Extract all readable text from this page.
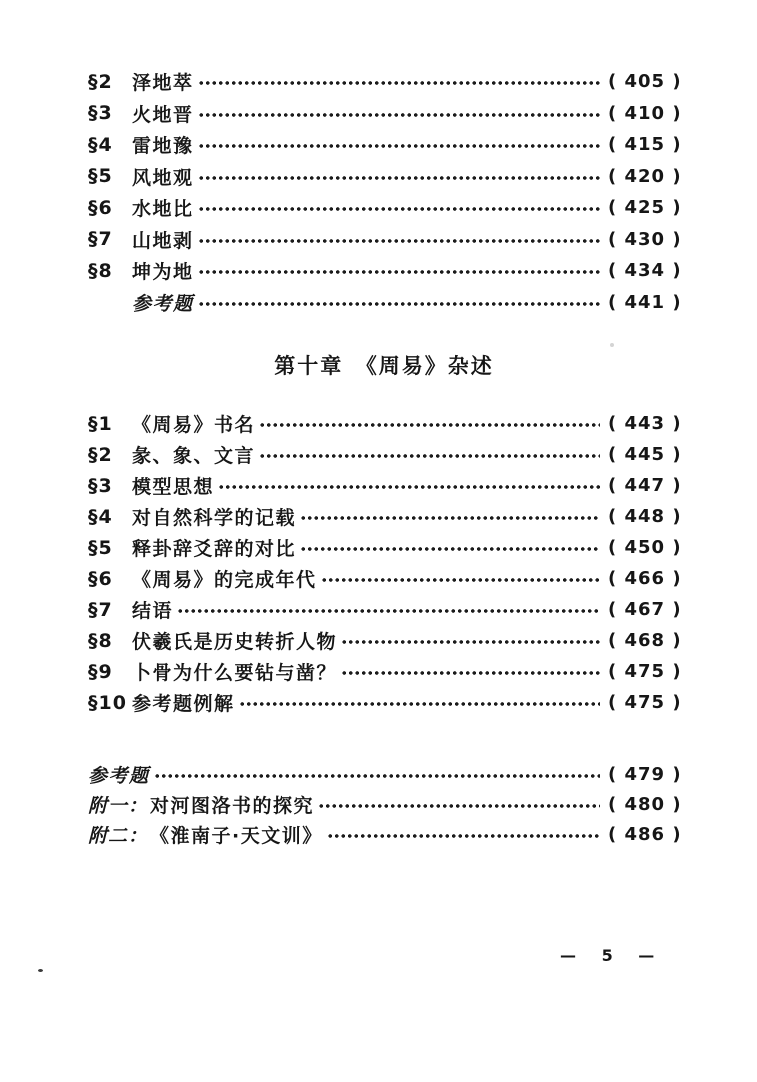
§2	泽地萃	( 405 )
§3	火地晋	( 410 )
§4	雷地豫	( 415 )
§5	风地观	( 420 )
§6	水地比	( 425 )
§7	山地剥	( 430 )
§8	坤为地	( 434 )
参考题	( 441 )
第十章　《周易》杂述
§1	《周易》书名	( 443 )
§2	彖、象、文言	( 445 )
§3	模型思想	( 447 )
§4	对自然科学的记载	( 448 )
§5	释卦辞爻辞的对比	( 450 )
§6	《周易》的完成年代	( 466 )
§7	结语	( 467 )
§8	伏羲氏是历史转折人物	( 468 )
§9	卜骨为什么要钻与凿？	( 475 )
§10 参考题例解	( 475 )
参考题	( 479 )
附一： 对河图洛书的探究	( 480 )
附二： 《淮南子·天文训》	( 486 )
— 5 —
